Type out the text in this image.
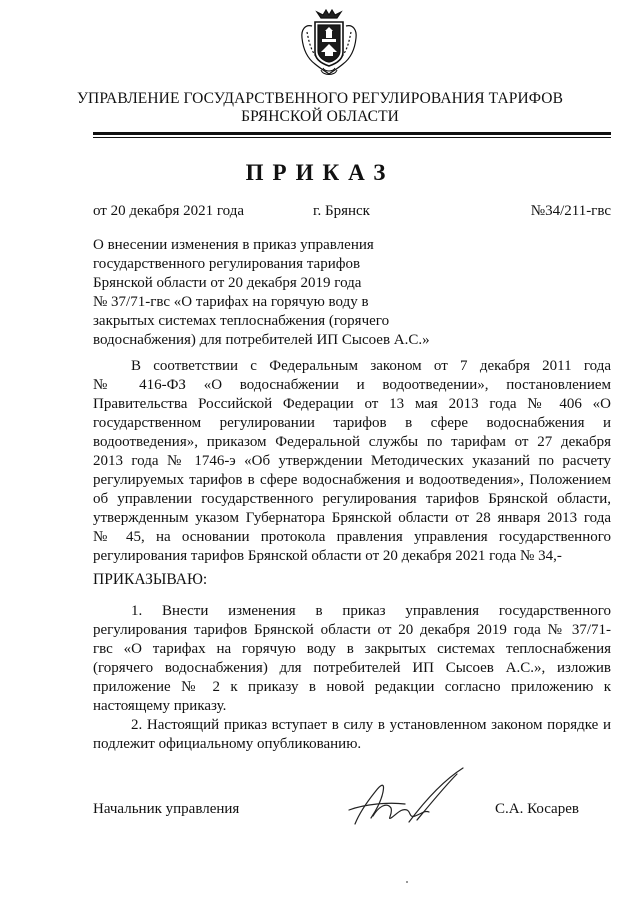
УПРАВЛЕНИЕ ГОСУДАРСТВЕННОГО РЕГУЛИРОВАНИЯ ТАРИФОВ
БРЯНСКОЙ ОБЛАСТИ
ПРИКАЗ
от 20 декабря 2021 года	г. Брянск	№34/211-гвс
О внесении изменения в приказ управления
государственного регулирования тарифов
Брянской области от 20 декабря 2019 года
№ 37/71-гвс «О тарифах на горячую воду в
закрытых системах теплоснабжения (горячего
водоснабжения) для потребителей ИП Сысоев А.С.»
В соответствии с Федеральным законом от 7 декабря 2011 года
№ 416-ФЗ «О водоснабжении и водоотведении», постановлением
Правительства Российской Федерации от 13 мая 2013 года № 406 «О
государственном регулировании тарифов в сфере водоснабжения и
водоотведения», приказом Федеральной службы по тарифам от 27 декабря
2013 года № 1746-э «Об утверждении Методических указаний по расчету
регулируемых тарифов в сфере водоснабжения и водоотведения», Положением
об управлении государственного регулирования тарифов Брянской области,
утвержденным указом Губернатора Брянской области от 28 января 2013 года
№ 45, на основании протокола правления управления государственного
регулирования тарифов Брянской области от 20 декабря 2021 года № 34,-
ПРИКАЗЫВАЮ:
1. Внести изменения в приказ управления государственного
регулирования тарифов Брянской области от 20 декабря 2019 года № 37/71-
гвс «О тарифах на горячую воду в закрытых системах теплоснабжения
(горячего водоснабжения) для потребителей ИП Сысоев А.С.», изложив
приложение № 2 к приказу в новой редакции согласно приложению к
настоящему приказу.
2. Настоящий приказ вступает в силу в установленном законом порядке и
подлежит официальному опубликованию.
Начальник управления	С.А. Косарев
